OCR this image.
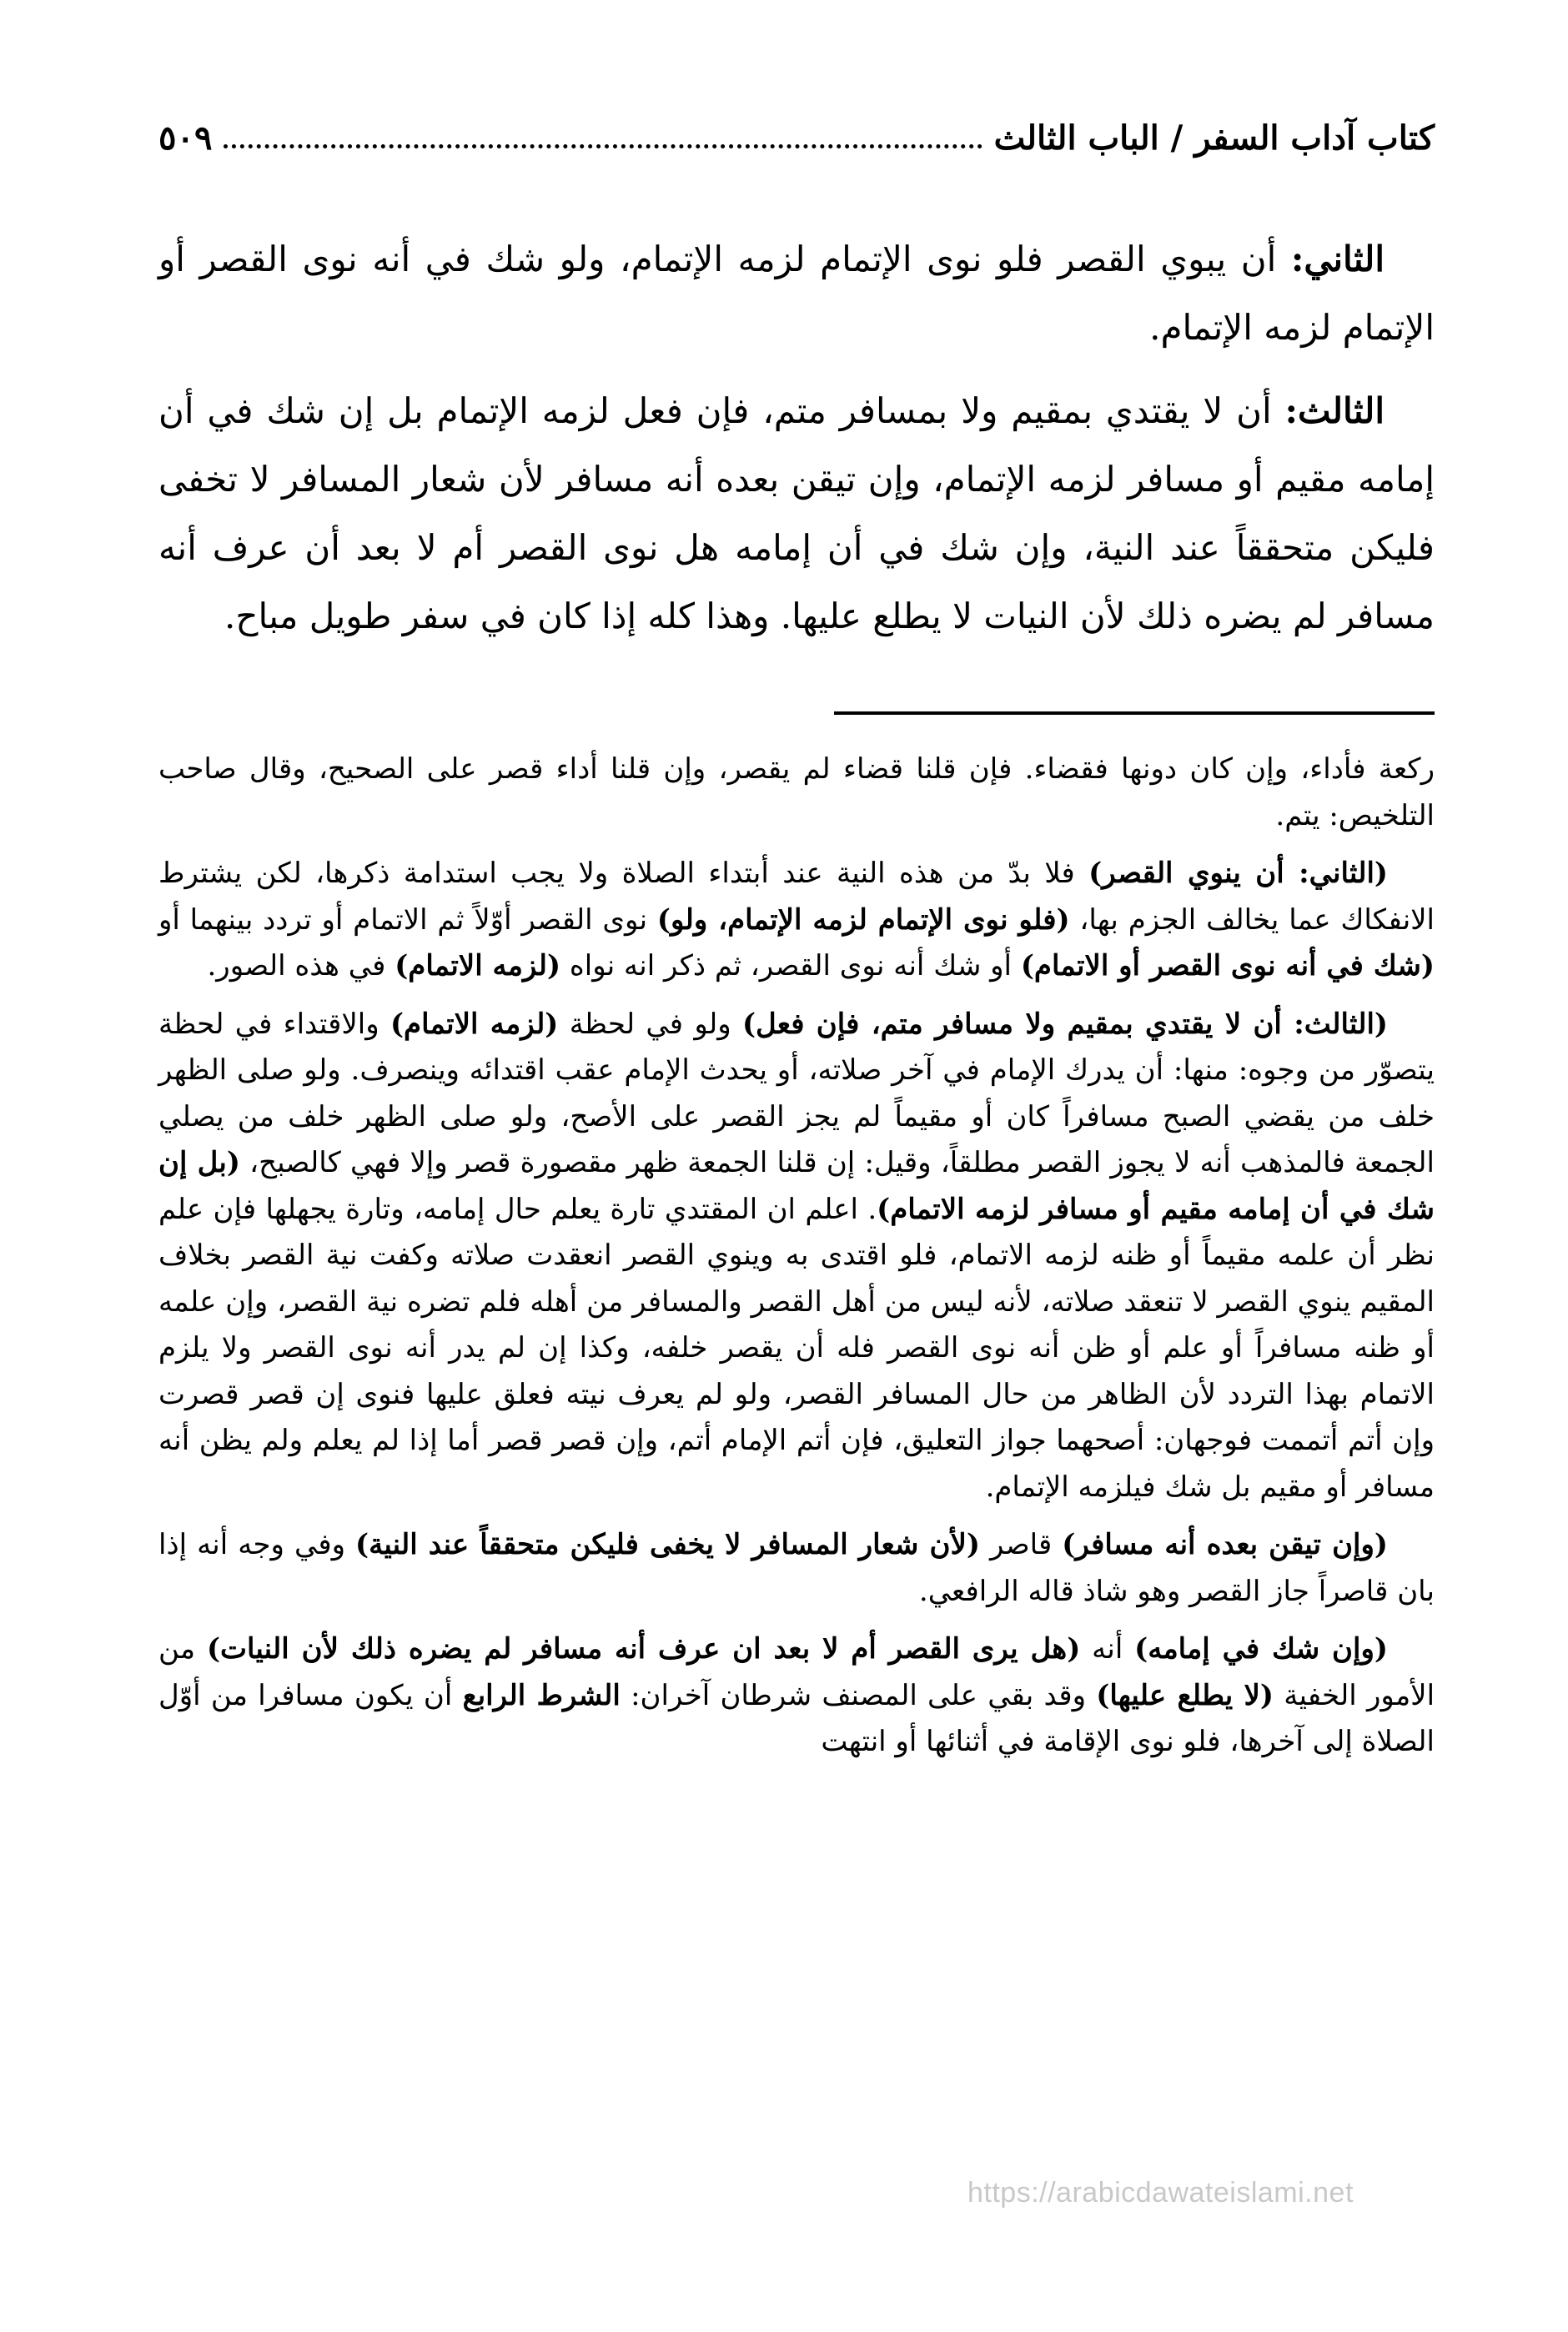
كتاب آداب السفر / الباب الثالث
٥٠٩

الثاني: أن يبوي القصر فلو نوى الإتمام لزمه الإتمام، ولو شك في أنه نوى القصر أو الإتمام لزمه الإتمام.

الثالث: أن لا يقتدي بمقيم ولا بمسافر متم، فإن فعل لزمه الإتمام بل إن شك في أن إمامه مقيم أو مسافر لزمه الإتمام، وإن تيقن بعده أنه مسافر لأن شعار المسافر لا تخفى فليكن متحققاً عند النية، وإن شك في أن إمامه هل نوى القصر أم لا بعد أن عرف أنه مسافر لم يضره ذلك لأن النيات لا يطلع عليها. وهذا كله إذا كان في سفر طويل مباح.

ركعة فأداء، وإن كان دونها فقضاء. فإن قلنا قضاء لم يقصر، وإن قلنا أداء قصر على الصحيح، وقال صاحب التلخيص: يتم.

(الثاني: أن ينوي القصر) فلا بدّ من هذه النية عند أبتداء الصلاة ولا يجب استدامة ذكرها، لكن يشترط الانفكاك عما يخالف الجزم بها، (فلو نوى الإتمام لزمه الإتمام، ولو) نوى القصر أوّلاً ثم الاتمام أو تردد بينهما أو (شك في أنه نوى القصر أو الاتمام) أو شك أنه نوى القصر، ثم ذكر انه نواه (لزمه الاتمام) في هذه الصور.

(الثالث: أن لا يقتدي بمقيم ولا مسافر متم، فإن فعل) ولو في لحظة (لزمه الاتمام) والاقتداء في لحظة يتصوّر من وجوه: منها: أن يدرك الإمام في آخر صلاته، أو يحدث الإمام عقب اقتدائه وينصرف. ولو صلى الظهر خلف من يقضي الصبح مسافراً كان أو مقيماً لم يجز القصر على الأصح، ولو صلى الظهر خلف من يصلي الجمعة فالمذهب أنه لا يجوز القصر مطلقاً، وقيل: إن قلنا الجمعة ظهر مقصورة قصر وإلا فهي كالصبح، (بل إن شك في أن إمامه مقيم أو مسافر لزمه الاتمام). اعلم ان المقتدي تارة يعلم حال إمامه، وتارة يجهلها فإن علم نظر أن علمه مقيماً أو ظنه لزمه الاتمام، فلو اقتدى به وينوي القصر انعقدت صلاته وكفت نية القصر بخلاف المقيم ينوي القصر لا تنعقد صلاته، لأنه ليس من أهل القصر والمسافر من أهله فلم تضره نية القصر، وإن علمه أو ظنه مسافراً أو علم أو ظن أنه نوى القصر فله أن يقصر خلفه، وكذا إن لم يدر أنه نوى القصر ولا يلزم الاتمام بهذا التردد لأن الظاهر من حال المسافر القصر، ولو لم يعرف نيته فعلق عليها فنوى إن قصر قصرت وإن أتم أتممت فوجهان: أصحهما جواز التعليق، فإن أتم الإمام أتم، وإن قصر قصر أما إذا لم يعلم ولم يظن أنه مسافر أو مقيم بل شك فيلزمه الإتمام.

(وإن تيقن بعده أنه مسافر) قاصر (لأن شعار المسافر لا يخفى فليكن متحققاً عند النية) وفي وجه أنه إذا بان قاصراً جاز القصر وهو شاذ قاله الرافعي.

(وإن شك في إمامه) أنه (هل يرى القصر أم لا بعد ان عرف أنه مسافر لم يضره ذلك لأن النيات) من الأمور الخفية (لا يطلع عليها) وقد بقي على المصنف شرطان آخران: الشرط الرابع أن يكون مسافرا من أوّل الصلاة إلى آخرها، فلو نوى الإقامة في أثنائها أو انتهت

https://arabicdawateislami.net
